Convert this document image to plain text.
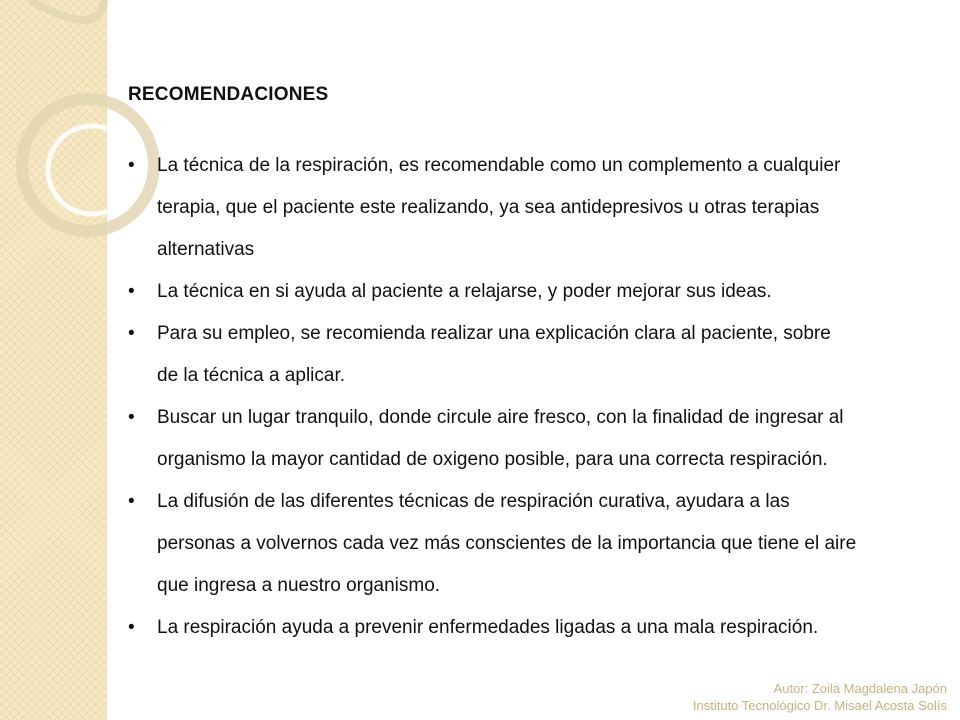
RECOMENDACIONES
• La técnica de la respiración, es recomendable como un complemento a cualquier
terapia, que el paciente este realizando, ya sea antidepresivos u otras terapias
alternativas
• La técnica en si ayuda al paciente a relajarse, y poder mejorar sus ideas.
• Para su empleo, se recomienda realizar una explicación clara al paciente, sobre
de la técnica a aplicar.
• Buscar un lugar tranquilo, donde circule aire fresco, con la finalidad de ingresar al
organismo la mayor cantidad de oxigeno posible, para una correcta respiración.
• La difusión de las diferentes técnicas de respiración curativa, ayudara a las
personas a volvernos cada vez más conscientes de la importancia que tiene el aire
que ingresa a nuestro organismo.
• La respiración ayuda a prevenir enfermedades ligadas a una mala respiración.
Autor: Zoila Magdalena Japón
Instituto Tecnológico Dr. Misael Acosta Solís
